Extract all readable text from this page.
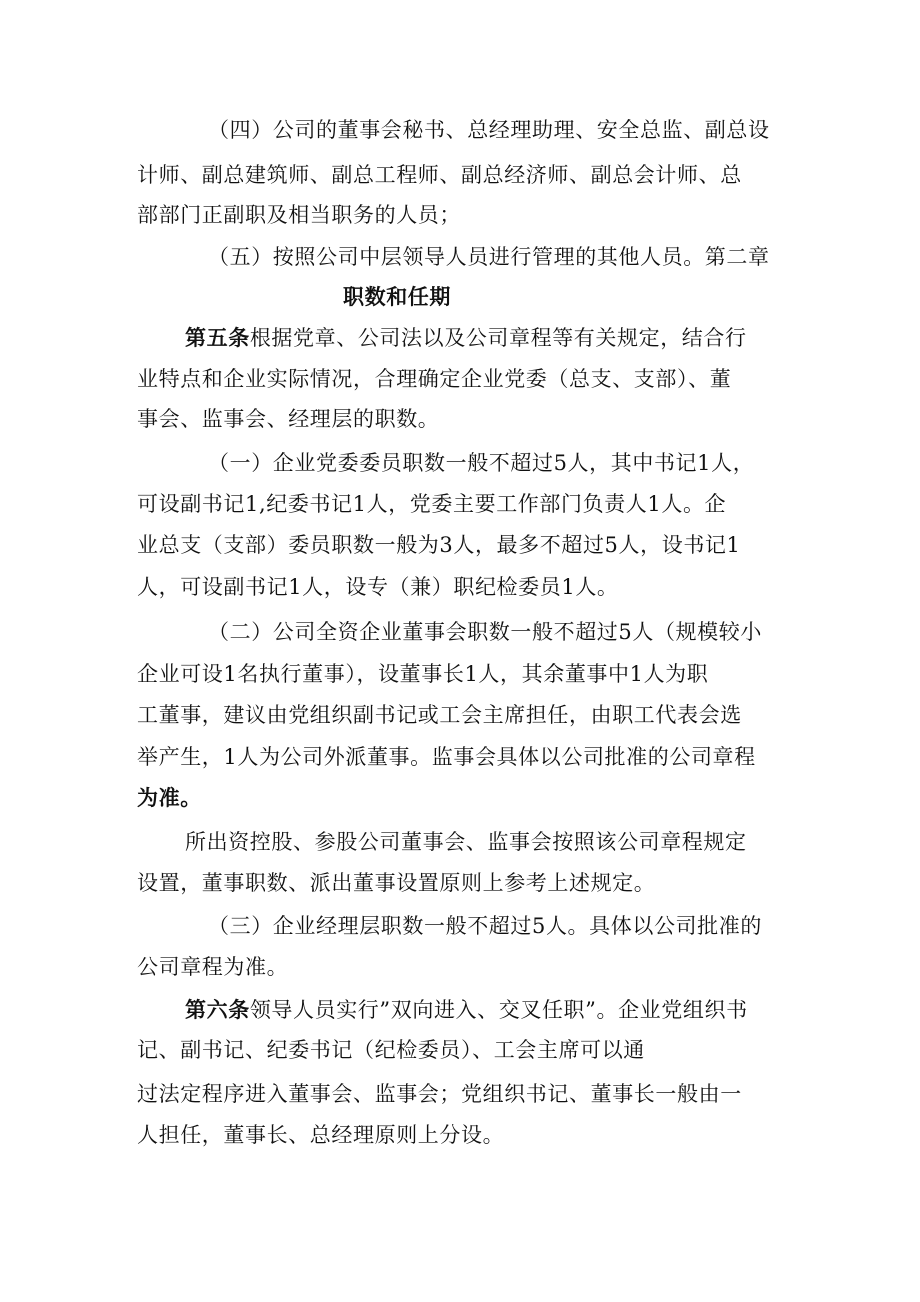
（四）公司的董事会秘书、总经理助理、安全总监、副总设

计师、副总建筑师、副总工程师、副总经济师、副总会计师、总

部部门正副职及相当职务的人员；

（五）按照公司中层领导人员进行管理的其他人员。第二章

职数和任期

第五条根据党章、公司法以及公司章程等有关规定，结合行

业特点和企业实际情况，合理确定企业党委（总支、支部）、董

事会、监事会、经理层的职数。

（一）企业党委委员职数一般不超过5人，其中书记1人，

可设副书记1,纪委书记1人，党委主要工作部门负责人1人。企

业总支（支部）委员职数一般为3人，最多不超过5人，设书记1

人，可设副书记1人，设专（兼）职纪检委员1人。

（二）公司全资企业董事会职数一般不超过5人（规模较小

企业可设1名执行董事），设董事长1人，其余董事中1人为职

工董事，建议由党组织副书记或工会主席担任，由职工代表会选

举产生，1人为公司外派董事。监事会具体以公司批准的公司章程

为准。

所出资控股、参股公司董事会、监事会按照该公司章程规定

设置，董事职数、派出董事设置原则上参考上述规定。

（三）企业经理层职数一般不超过5人。具体以公司批准的

公司章程为准。

第六条领导人员实行”双向进入、交叉任职”。企业党组织书

记、副书记、纪委书记（纪检委员）、工会主席可以通

过法定程序进入董事会、监事会；党组织书记、董事长一般由一

人担任，董事长、总经理原则上分设。
